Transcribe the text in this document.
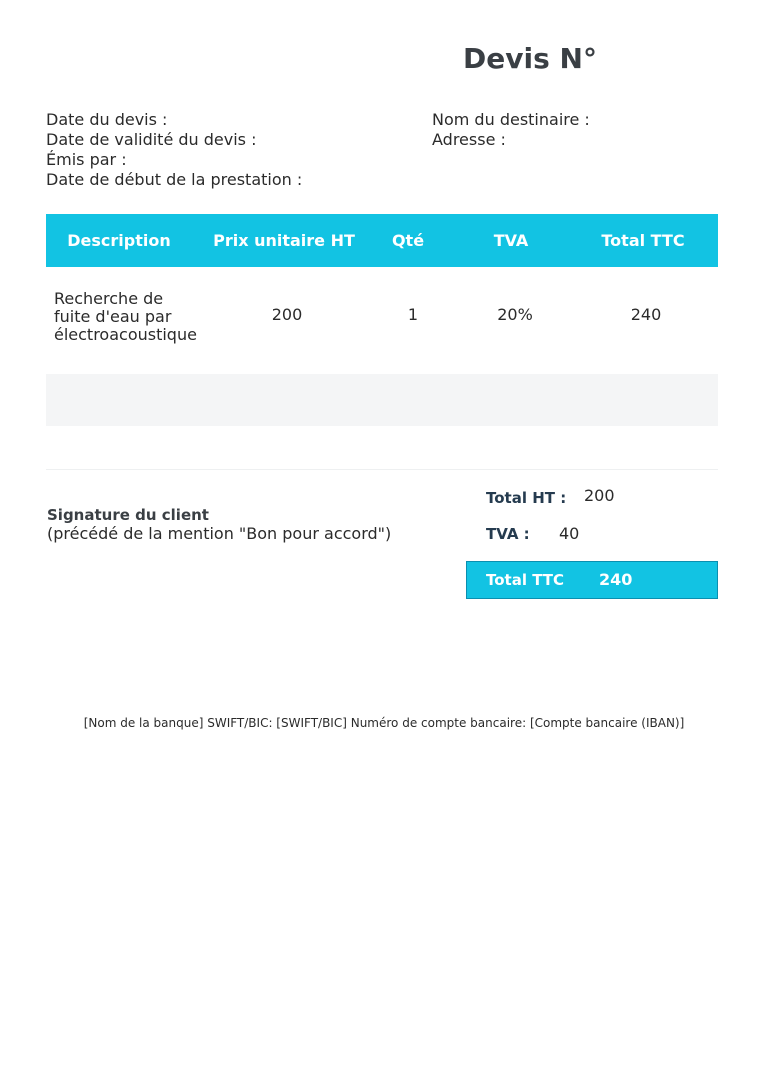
Devis N°
Date du devis :
Date de validité du devis :
Émis par :
Date de début de la prestation :
Nom du destinaire :
Adresse :
Description	Prix unitaire HT	Qté	TVA	Total TTC
Recherche de
fuite d'eau par
électroacoustique
200	1	20%	240
Signature du client
(précédé de la mention "Bon pour accord")
Total HT : 200
TVA : 40
Total TTC 240
[Nom de la banque] SWIFT/BIC: [SWIFT/BIC] Numéro de compte bancaire: [Compte bancaire (IBAN)]
